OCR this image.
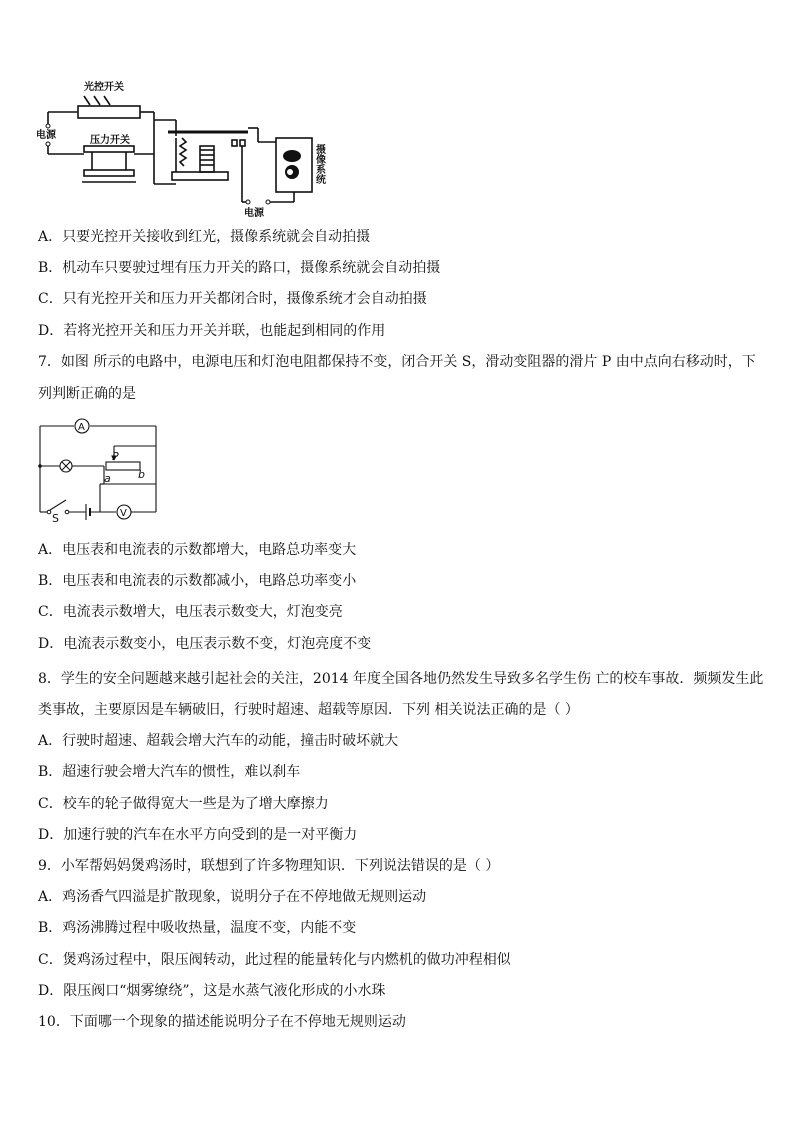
光控开关
电源	压力开关
摄像系统
电源
A．只要光控开关接收到红光，摄像系统就会自动拍摄
B．机动车只要驶过埋有压力开关的路口，摄像系统就会自动拍摄
C．只有光控开关和压力开关都闭合时，摄像系统才会自动拍摄
D．若将光控开关和压力开关并联，也能起到相同的作用
7．如图 所示的电路中，电源电压和灯泡电阻都保持不变，闭合开关 S，滑动变阻器的滑片 P 由中点向右移动时，下
列判断正确的是
A
V
P
a b
S
A．电压表和电流表的示数都增大，电路总功率变大
B．电压表和电流表的示数都减小，电路总功率变小
C．电流表示数增大，电压表示数变大，灯泡变亮
D．电流表示数变小，电压表示数不变，灯泡亮度不变
8．学生的安全问题越来越引起社会的关注，2014 年度全国各地仍然发生导致多名学生伤 亡的校车事故．频频发生此
类事故，主要原因是车辆破旧，行驶时超速、超载等原因．下列 相关说法正确的是（ ）
A．行驶时超速、超载会增大汽车的动能，撞击时破坏就大
B．超速行驶会增大汽车的惯性，难以刹车
C．校车的轮子做得宽大一些是为了增大摩擦力
D．加速行驶的汽车在水平方向受到的是一对平衡力
9．小军帮妈妈煲鸡汤时，联想到了许多物理知识．下列说法错误的是（ ）
A．鸡汤香气四溢是扩散现象，说明分子在不停地做无规则运动
B．鸡汤沸腾过程中吸收热量，温度不变，内能不变
C．煲鸡汤过程中，限压阀转动，此过程的能量转化与内燃机的做功冲程相似
D．限压阀口“烟雾缭绕”，这是水蒸气液化形成的小水珠
10．下面哪一个现象的描述能说明分子在不停地无规则运动
